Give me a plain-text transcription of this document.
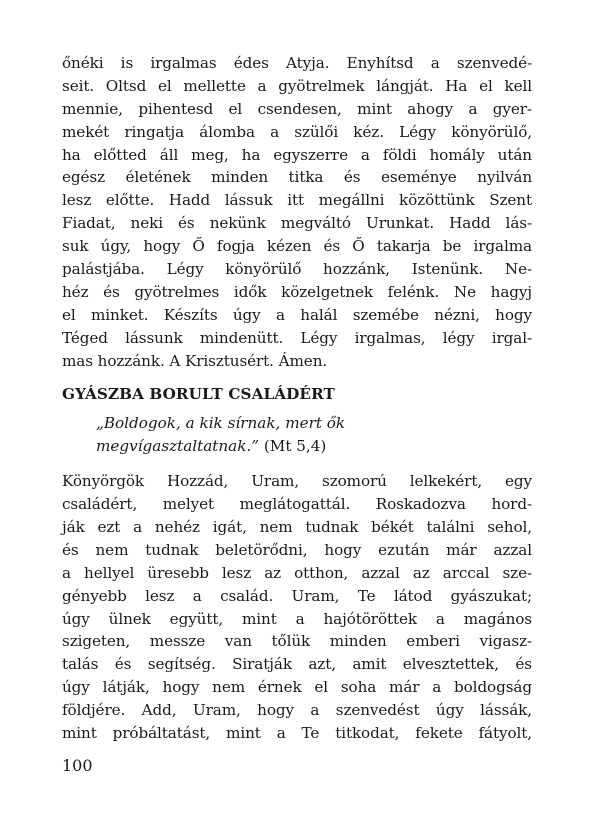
őnéki is irgalmas édes Atyja. Enyhítsd a szenvedé-
seit. Oltsd el mellette a gyötrelmek lángját. Ha el kell
mennie, pihentesd el csendesen, mint ahogy a gyer-
mekét ringatja álomba a szülői kéz. Légy könyörülő,
ha előtted áll meg, ha egyszerre a földi homály után
egész életének minden titka és eseménye nyilván
lesz előtte. Hadd lássuk itt megállni közöttünk Szent
Fiadat, neki és nekünk megváltó Urunkat. Hadd lás-
suk úgy, hogy Ő fogja kézen és Ő takarja be irgalma
palástjába. Légy könyörülő hozzánk, Istenünk. Ne-
héz és gyötrelmes idők közelgetnek felénk. Ne hagyj
el minket. Készíts úgy a halál szemébe nézni, hogy
Téged lássunk mindenütt. Légy irgalmas, légy irgal-
mas hozzánk. A Krisztusért. Ámen.
GYÁSZBA BORULT CSALÁDÉRT
„Boldogok, a kik sírnak, mert ők
megvígasztaltatnak.” (Mt 5,4)
Könyörgök Hozzád, Uram, szomorú lelkekért, egy
családért, melyet meglátogattál. Roskadozva hord-
ják ezt a nehéz igát, nem tudnak békét találni sehol,
és nem tudnak beletörődni, hogy ezután már azzal
a hellyel üresebb lesz az otthon, azzal az arccal sze-
gényebb lesz a család. Uram, Te látod gyászukat;
úgy ülnek együtt, mint a hajótöröttek a magános
szigeten, messze van tőlük minden emberi vigasz-
talás és segítség. Siratják azt, amit elvesztettek, és
úgy látják, hogy nem érnek el soha már a boldogság
földjére. Add, Uram, hogy a szenvedést úgy lássák,
mint próbáltatást, mint a Te titkodat, fekete fátyolt,
100
